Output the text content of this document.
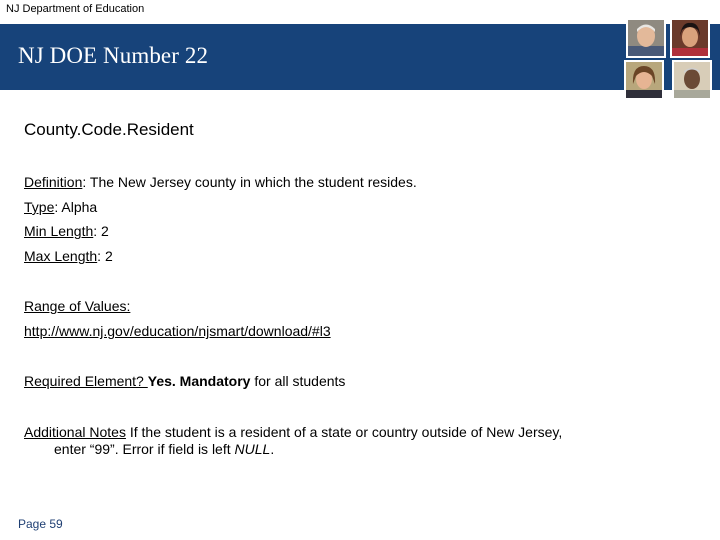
NJ Department of Education
NJ DOE Number 22
County.Code.Resident
Definition: The New Jersey county in which the student resides.
Type: Alpha
Min Length: 2
Max Length: 2
Range of Values:
http://www.nj.gov/education/njsmart/download/#l3
Required Element? Yes. Mandatory for all students
Additional Notes If the student is a resident of a state or country outside of New Jersey,
enter “99”. Error if field is left NULL.
Page 59
